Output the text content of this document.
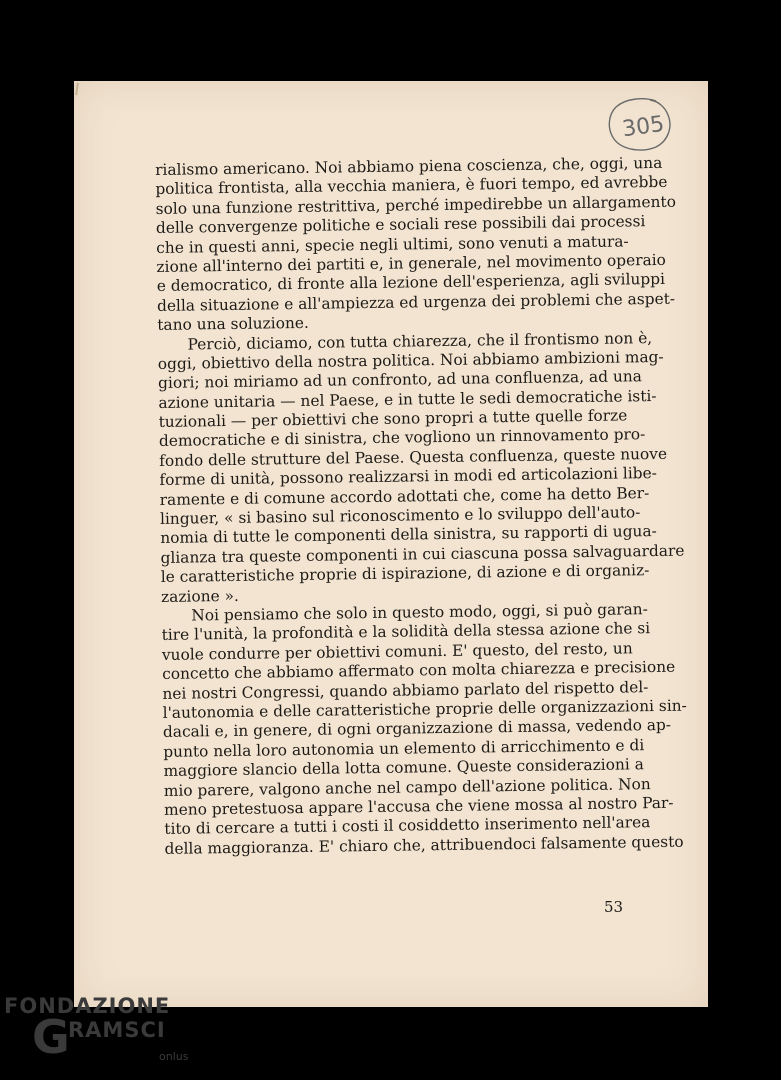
305

rialismo americano. Noi abbiamo piena coscienza, che, oggi, una
politica frontista, alla vecchia maniera, è fuori tempo, ed avrebbe
solo una funzione restrittiva, perché impedirebbe un allargamento
delle convergenze politiche e sociali rese possibili dai processi
che in questi anni, specie negli ultimi, sono venuti a matura-
zione all'interno dei partiti e, in generale, nel movimento operaio
e democratico, di fronte alla lezione dell'esperienza, agli sviluppi
della situazione e all'ampiezza ed urgenza dei problemi che aspet-
tano una soluzione.

Perciò, diciamo, con tutta chiarezza, che il frontismo non è,
oggi, obiettivo della nostra politica. Noi abbiamo ambizioni mag-
giori; noi miriamo ad un confronto, ad una confluenza, ad una
azione unitaria — nel Paese, e in tutte le sedi democratiche isti-
tuzionali — per obiettivi che sono propri a tutte quelle forze
democratiche e di sinistra, che vogliono un rinnovamento pro-
fondo delle strutture del Paese. Questa confluenza, queste nuove
forme di unità, possono realizzarsi in modi ed articolazioni libe-
ramente e di comune accordo adottati che, come ha detto Ber-
linguer, « si basino sul riconoscimento e lo sviluppo dell'auto-
nomia di tutte le componenti della sinistra, su rapporti di ugua-
glianza tra queste componenti in cui ciascuna possa salvaguardare
le caratteristiche proprie di ispirazione, di azione e di organiz-
zazione ».

Noi pensiamo che solo in questo modo, oggi, si può garan-
tire l'unità, la profondità e la solidità della stessa azione che si
vuole condurre per obiettivi comuni. E' questo, del resto, un
concetto che abbiamo affermato con molta chiarezza e precisione
nei nostri Congressi, quando abbiamo parlato del rispetto del-
l'autonomia e delle caratteristiche proprie delle organizzazioni sin-
dacali e, in genere, di ogni organizzazione di massa, vedendo ap-
punto nella loro autonomia un elemento di arricchimento e di
maggiore slancio della lotta comune. Queste considerazioni a
mio parere, valgono anche nel campo dell'azione politica. Non
meno pretestuosa appare l'accusa che viene mossa al nostro Par-
tito di cercare a tutti i costi il cosiddetto inserimento nell'area
della maggioranza. E' chiaro che, attribuendoci falsamente questo

53
FONDAZIONE
G
RAMSCI
onlus
